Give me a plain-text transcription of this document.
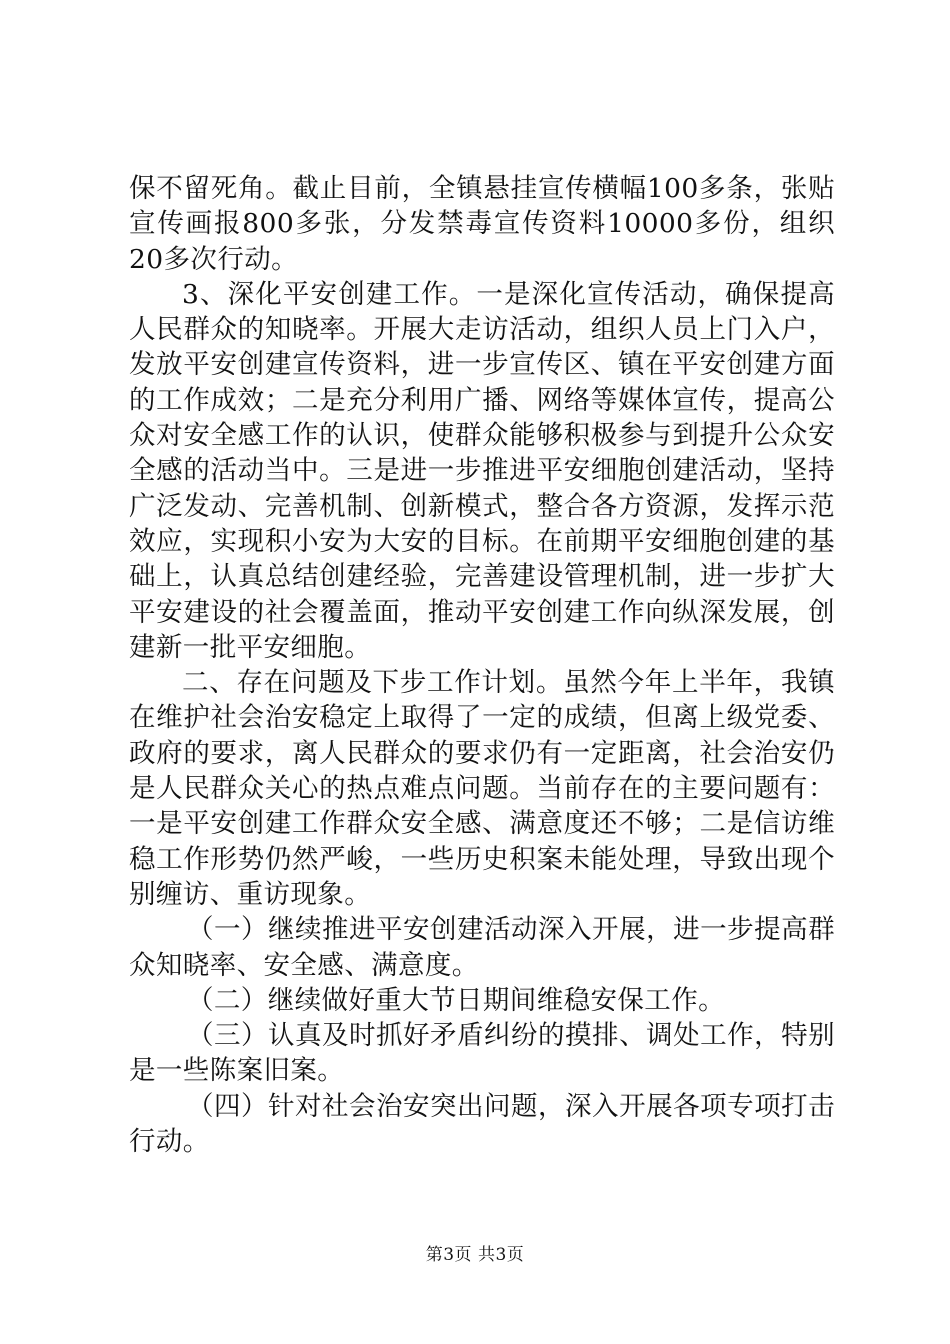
保不留死角。截止目前，全镇悬挂宣传横幅100多条，张贴宣传画报800多张，分发禁毒宣传资料10000多份，组织20多次行动。

3、深化平安创建工作。一是深化宣传活动，确保提高人民群众的知晓率。开展大走访活动，组织人员上门入户，发放平安创建宣传资料，进一步宣传区、镇在平安创建方面的工作成效；二是充分利用广播、网络等媒体宣传，提高公众对安全感工作的认识，使群众能够积极参与到提升公众安全感的活动当中。三是进一步推进平安细胞创建活动，坚持广泛发动、完善机制、创新模式，整合各方资源，发挥示范效应，实现积小安为大安的目标。在前期平安细胞创建的基础上，认真总结创建经验，完善建设管理机制，进一步扩大平安建设的社会覆盖面，推动平安创建工作向纵深发展，创建新一批平安细胞。

二、存在问题及下步工作计划。虽然今年上半年，我镇在维护社会治安稳定上取得了一定的成绩，但离上级党委、政府的要求，离人民群众的要求仍有一定距离，社会治安仍是人民群众关心的热点难点问题。当前存在的主要问题有：一是平安创建工作群众安全感、满意度还不够；二是信访维稳工作形势仍然严峻，一些历史积案未能处理，导致出现个别缠访、重访现象。

（一）继续推进平安创建活动深入开展，进一步提高群众知晓率、安全感、满意度。

（二）继续做好重大节日期间维稳安保工作。

（三）认真及时抓好矛盾纠纷的摸排、调处工作，特别是一些陈案旧案。

（四）针对社会治安突出问题，深入开展各项专项打击行动。

第3页 共3页
